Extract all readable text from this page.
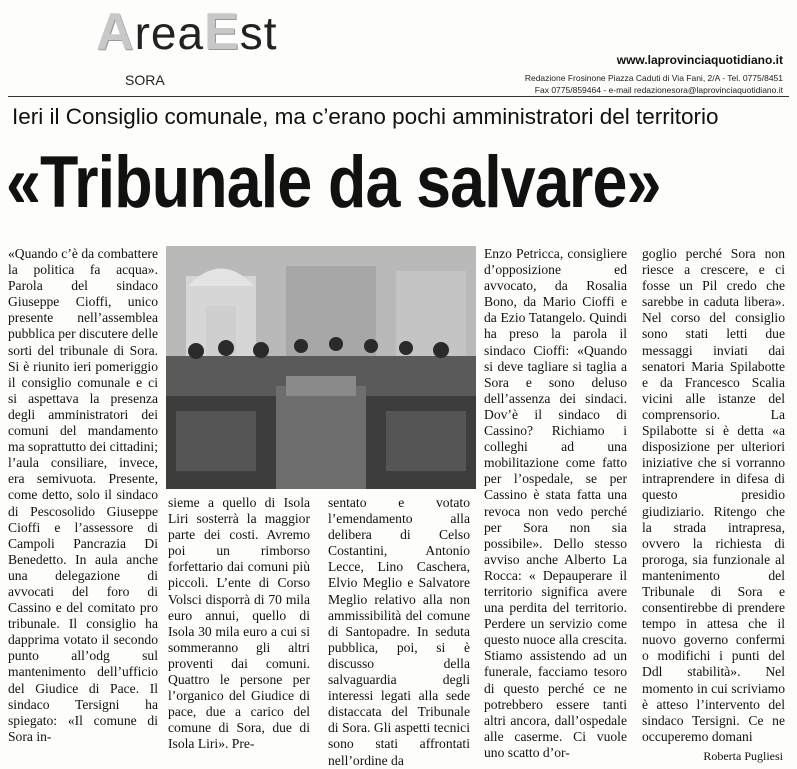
AreaEst
SORA
www.laprovinciaquotidiano.it
Redazione Frosinone Piazza Caduti di Via Fani, 2/A - Tel. 0775/8451
Fax 0775/859464 - e-mail redazionesora@laprovinciaquotidiano.it
Ieri il Consiglio comunale, ma c’erano pochi amministratori del territorio
«Tribunale da salvare»
«Quando c’è da combattere la politica fa acqua». Parola del sindaco Giuseppe Cioffi, unico presente nell’assemblea pubblica per discutere delle sorti del tribunale di Sora. Si è riunito ieri pomeriggio il consiglio comunale e ci si aspettava la presenza degli amministratori dei comuni del mandamento ma soprattutto dei cittadini; l’aula consiliare, invece, era semivuota. Presente, come detto, solo il sindaco di Pescosolido Giuseppe Cioffi e l’assessore di Campoli Pancrazia Di Benedetto. In aula anche una delegazione di avvocati del foro di Cassino e del comitato pro tribunale. Il consiglio ha dapprima votato il secondo punto all’odg sul mantenimento dell’ufficio del Giudice di Pace. Il sindaco Tersigni ha spiegato: «Il comune di Sora in-
sieme a quello di Isola Liri sosterrà la maggior parte dei costi. Avremo poi un rimborso forfettario dai comuni più piccoli. L’ente di Corso Volsci disporrà di 70 mila euro annui, quello di Isola 30 mila euro a cui si sommeranno gli altri proventi dai comuni. Quattro le persone per l’organico del Giudice di pace, due a carico del comune di Sora, due di Isola Liri». Pre-
sentato e votato l’emendamento alla delibera di Celso Costantini, Antonio Lecce, Lino Caschera, Elvio Meglio e Salvatore Meglio relativo alla non ammissibilità del comune di Santopadre. In seduta pubblica, poi, si è discusso della salvaguardia degli interessi legati alla sede distaccata del Tribunale di Sora. Gli aspetti tecnici sono stati affrontati nell’ordine da
Enzo Petricca, consigliere d’opposizione ed avvocato, da Rosalia Bono, da Mario Cioffi e da Ezio Tatangelo. Quindi ha preso la parola il sindaco Cioffi: «Quando si deve tagliare si taglia a Sora e sono deluso dell’assenza dei sindaci. Dov’è il sindaco di Cassino? Richiamo i colleghi ad una mobilitazione come fatto per l’ospedale, se per Cassino è stata fatta una revoca non vedo perché per Sora non sia possibile». Dello stesso avviso anche Alberto La Rocca: « Depauperare il territorio significa avere una perdita del territorio. Perdere un servizio come questo nuoce alla crescita. Stiamo assistendo ad un funerale, facciamo tesoro di questo perché ce ne potrebbero essere tanti altri ancora, dall’ospedale alle caserme. Ci vuole uno scatto d’or-
goglio perché Sora non riesce a crescere, e ci fosse un Pil credo che sarebbe in caduta libera». Nel corso del consiglio sono stati letti due messaggi inviati dai senatori Maria Spilabotte e da Francesco Scalia vicini alle istanze del comprensorio. La Spilabotte si è detta «a disposizione per ulteriori iniziative che si vorranno intraprendere in difesa di questo presidio giudiziario. Ritengo che la strada intrapresa, ovvero la richiesta di proroga, sia funzionale al mantenimento del Tribunale di Sora e consentirebbe di prendere tempo in attesa che il nuovo governo confermi o modifichi i punti del Ddl stabilità». Nel momento in cui scriviamo è atteso l’intervento del sindaco Tersigni. Ce ne occuperemo domani
Roberta Pugliesi
